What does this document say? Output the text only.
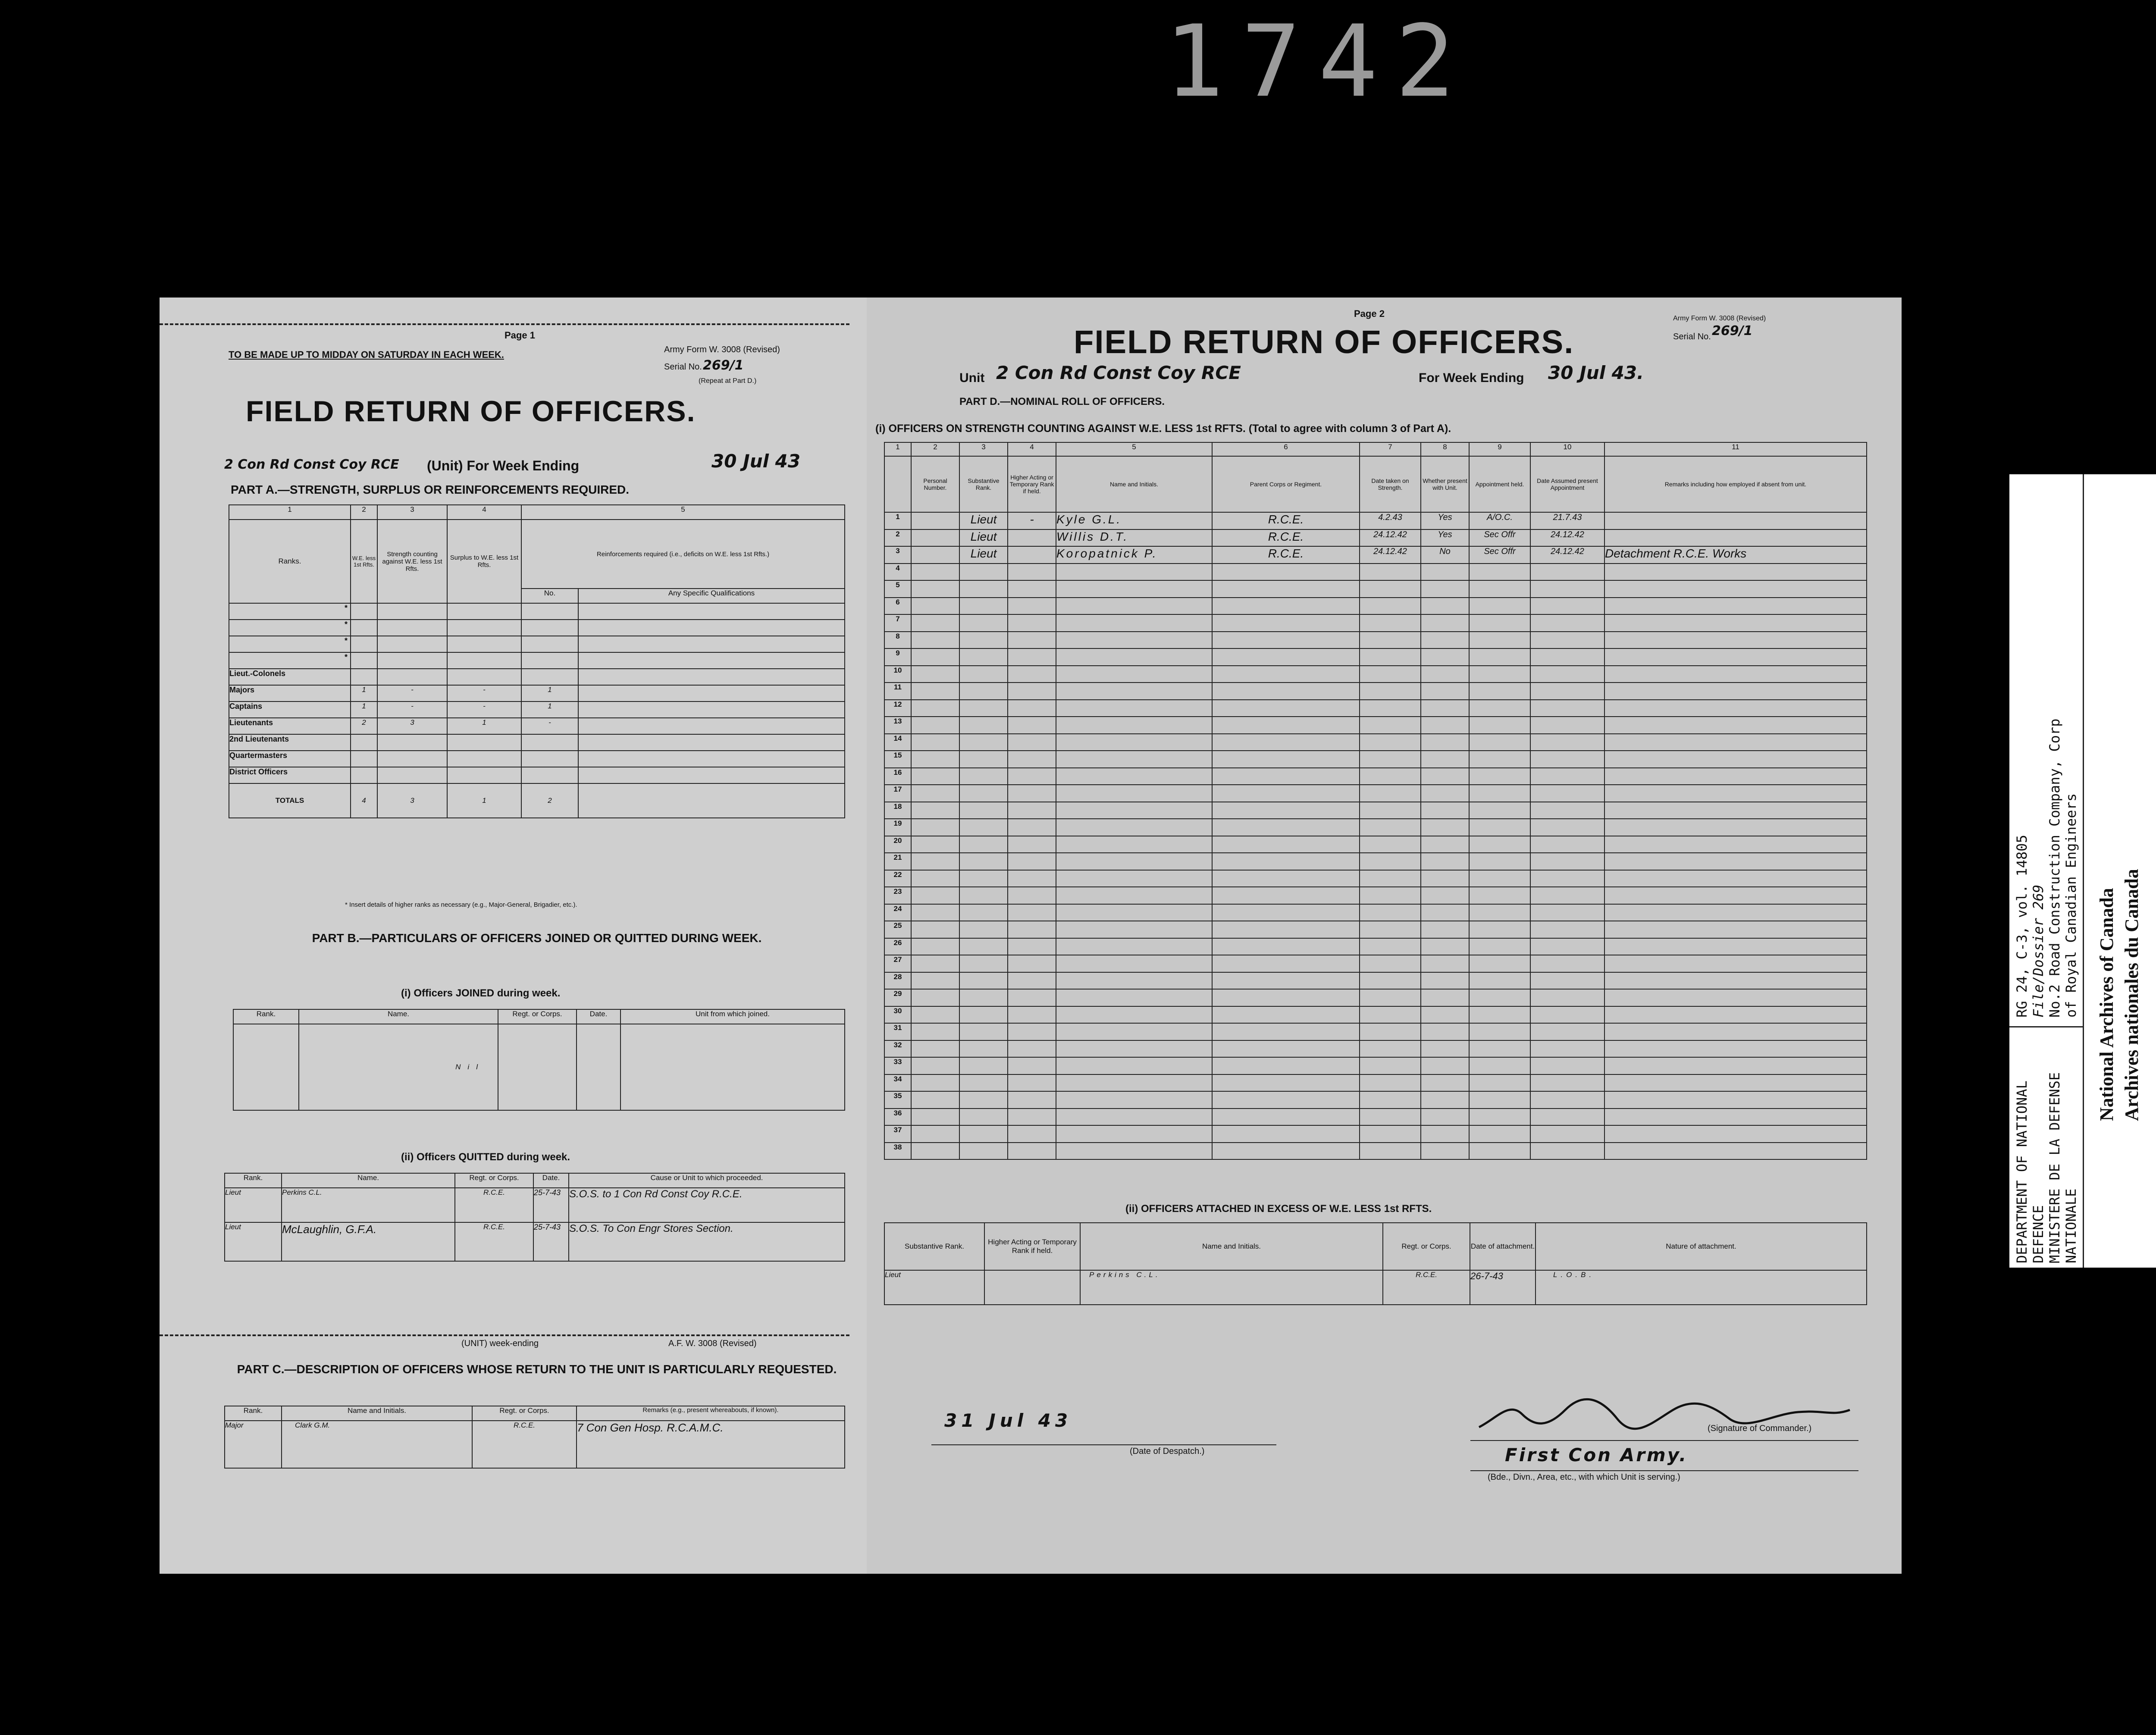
1742
Page 1
TO BE MADE UP TO MIDDAY ON SATURDAY IN EACH WEEK.	Army Form W. 3008 (Revised)
Serial No. 269/1
(Repeat at Part D.)
FIELD RETURN OF OFFICERS.
2 Con Rd Const Coy RCE (Unit) For Week Ending	30 Jul 43
PART A.—STRENGTH, SURPLUS OR REINFORCEMENTS REQUIRED.
1	2	3	4	5	
Ranks.	W.E. less 1st Rfts.	Strength counting against W.E. less 1st Rfts.	Surplus to W.E. less 1st Rfts.	Reinforcements required (i.e., deficits on W.E. less 1st Rfts.)	
				No.	Any Specific Qualifications
*					
*					
*					
*					
Lieut.-Colonels					
Majors	1	-	-	1	
Captains	1	-	-	1	
Lieutenants	2	3	1	-	
2nd Lieutenants					
Quartermasters					
District Officers					
TOTALS	4	3	1	2	
* Insert details of higher ranks as necessary (e.g., Major-General, Brigadier, etc.).
PART B.—PARTICULARS OF OFFICERS JOINED OR QUITTED DURING WEEK.
(i) Officers JOINED during week.
Rank.	Name.	Regt. or Corps.	Date.	Unit from which joined.
	Nil			
(ii) Officers QUITTED during week.
Rank.	Name.	Regt. or Corps.	Date.	Cause or Unit to which proceeded.
Lieut	Perkins C.L.	R.C.E.	25-7-43	S.O.S. to 1 Con Rd Const Coy R.C.E.
Lieut	McLaughlin, G.F.A.	R.C.E.	25-7-43	S.O.S. To Con Engr Stores Section.
(UNIT) week-ending	A.F. W. 3008 (Revised)
PART C.—DESCRIPTION OF OFFICERS WHOSE RETURN TO THE UNIT IS PARTICULARLY REQUESTED.
Rank.	Name and Initials.	Regt. or Corps.	Remarks (e.g., present whereabouts, if known).
Major	Clark G.M.	R.C.E.	7 Con Gen Hosp. R.C.A.M.C.
Page 2	Army Form W. 3008 (Revised)
FIELD RETURN OF OFFICERS.	Serial No. 269/1
Unit 2 Con Rd Const Coy RCE	For Week Ending 30 Jul 43.
PART D.—NOMINAL ROLL OF OFFICERS.
(i) OFFICERS ON STRENGTH COUNTING AGAINST W.E. LESS 1st RFTS. (Total to agree with column 3 of Part A).
1	2	3	4	5	6	7	8	9	10	11
	Personal Number.	Substantive Rank.	Higher Acting or Temporary Rank if held.	Name and Initials.	Parent Corps or Regiment.	Date taken on Strength.	Whether present with Unit.	Appointment held.	Date Assumed present Appointment	Remarks including how employed if absent from unit.
1		Lieut	-	Kyle G.L.	R.C.E.	4.2.43	Yes	A/O.C.	21.7.43	
2		Lieut		Willis D.T.	R.C.E.	24.12.42	Yes	Sec Offr	24.12.42	
3		Lieut		Koropatnick P.	R.C.E.	24.12.42	No	Sec Offr	24.12.42	Detachment R.C.E. Works
4										
5										
6										
7										
8										
9										
10										
11										
12										
13										
14										
15										
16										
17										
18										
19										
20										
21										
22										
23										
24										
25										
26										
27										
28										
29										
30										
31										
32										
33										
34										
35										
36										
37										
38										
(ii) OFFICERS ATTACHED IN EXCESS OF W.E. LESS 1st RFTS.
Substantive Rank.	Higher Acting or Temporary Rank if held.	Name and Initials.	Regt. or Corps.	Date of attachment.	Nature of attachment.
Lieut		Perkins C.L.	R.C.E.	26-7-43	L.O.B.
31 Jul 43
(Date of Despatch.)
(Signature of Commander.)
First Con Army.
(Bde., Divn., Area, etc., with which Unit is serving.)
DEPARTMENT OF NATIONAL DEFENCE MINISTERE DE LA DEFENSE NATIONALE
RG 24, C-3, vol. 14805 File/Dossier 269 No.2 Road Construction Company, Corp of Royal Canadian Engineers National Archives of Canada Archives nationales du Canada
